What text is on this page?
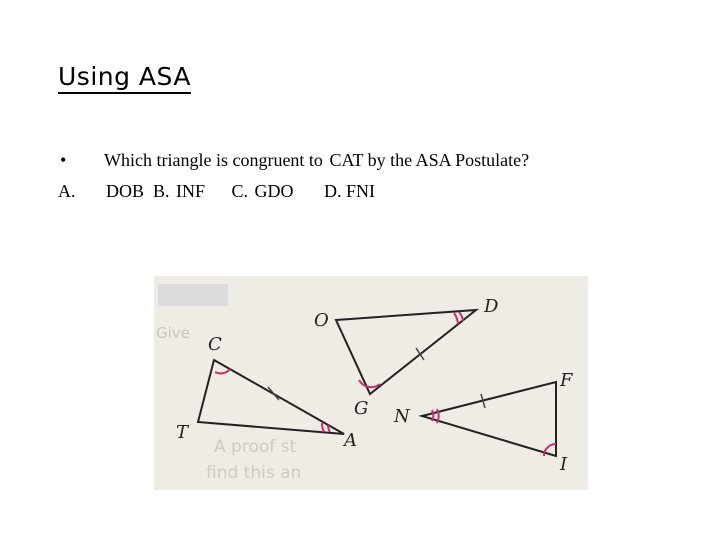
Using ASA
• Which triangle is congruent to CAT by the ASA Postulate?
A. DOB  B. INF C. GDO D. FNI
Give
A proof st
find this an
C
T	A
O
D
G N
F
I
